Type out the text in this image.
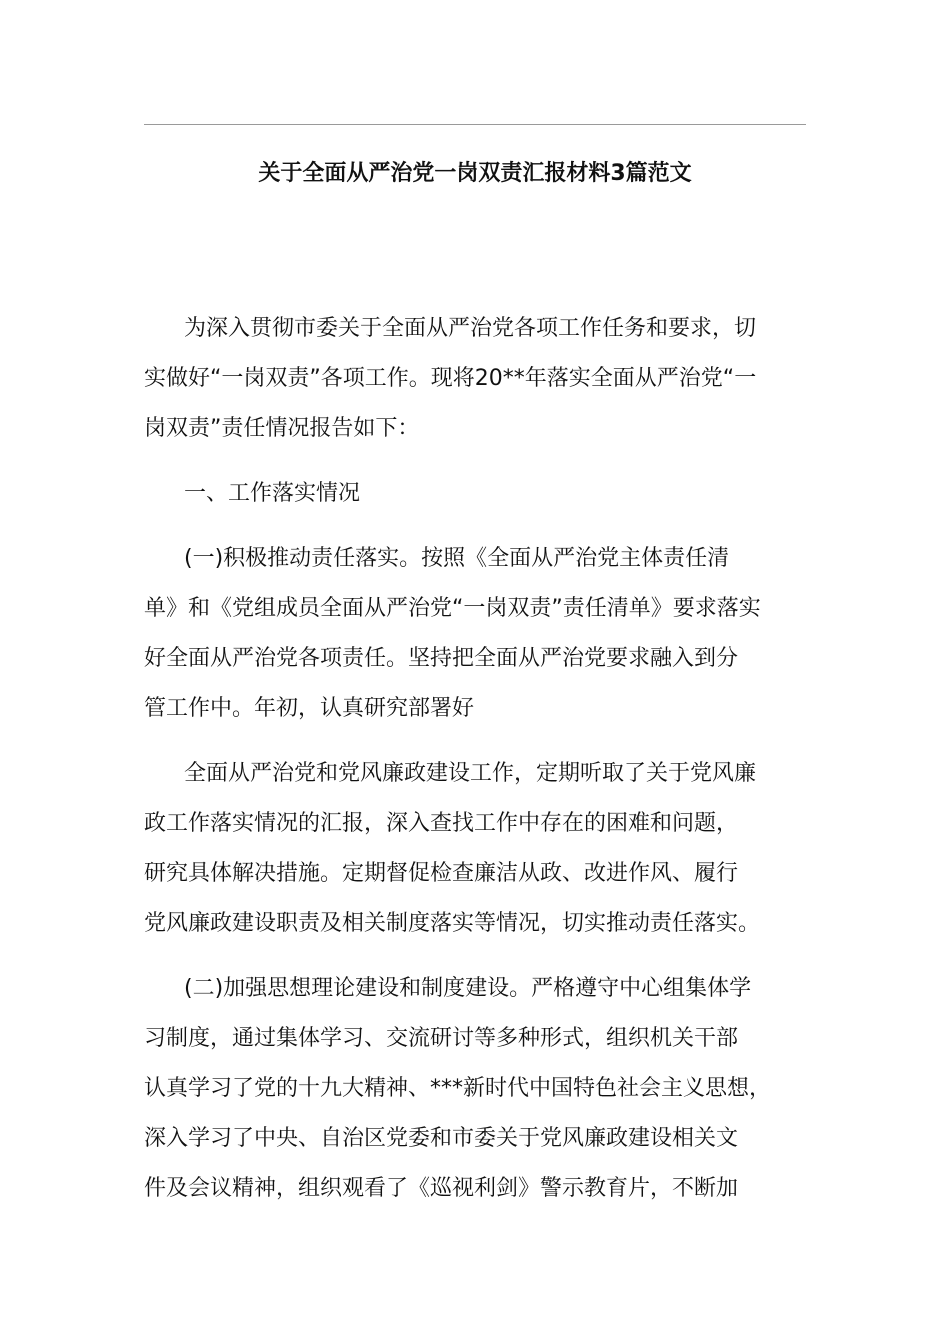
关于全面从严治党一岗双责汇报材料3篇范文
为深入贯彻市委关于全面从严治党各项工作任务和要求，切
实做好“一岗双责”各项工作。现将20**年落实全面从严治党“一
岗双责”责任情况报告如下：
一、工作落实情况
(一)积极推动责任落实。按照《全面从严治党主体责任清
单》和《党组成员全面从严治党“一岗双责”责任清单》要求落实
好全面从严治党各项责任。坚持把全面从严治党要求融入到分
管工作中。年初，认真研究部署好
全面从严治党和党风廉政建设工作，定期听取了关于党风廉
政工作落实情况的汇报，深入查找工作中存在的困难和问题，
研究具体解决措施。定期督促检查廉洁从政、改进作风、履行
党风廉政建设职责及相关制度落实等情况，切实推动责任落实。
(二)加强思想理论建设和制度建设。严格遵守中心组集体学
习制度，通过集体学习、交流研讨等多种形式，组织机关干部
认真学习了党的十九大精神、***新时代中国特色社会主义思想，
深入学习了中央、自治区党委和市委关于党风廉政建设相关文
件及会议精神，组织观看了《巡视利剑》警示教育片，不断加
